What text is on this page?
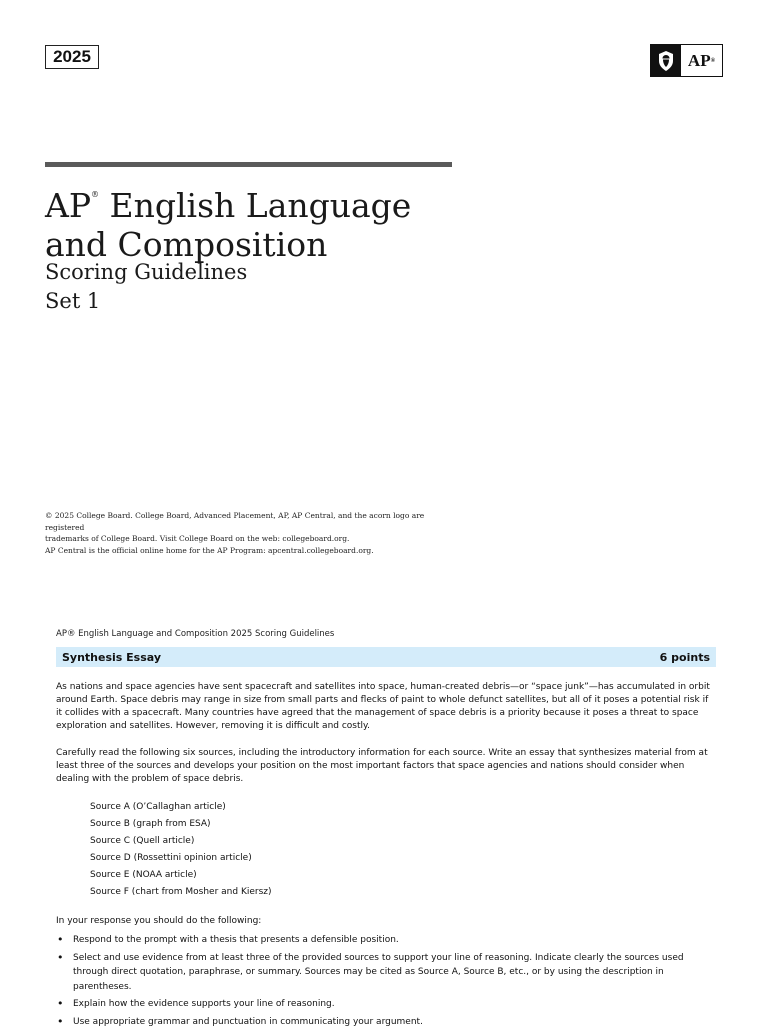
2025	AP ®
AP® English Language
and Composition
Scoring Guidelines
Set 1
© 2025 College Board. College Board, Advanced Placement, AP, AP Central, and the acorn logo are registered
trademarks of College Board. Visit College Board on the web: collegeboard.org.
AP Central is the official online home for the AP Program: apcentral.collegeboard.org.
AP® English Language and Composition 2025 Scoring Guidelines
Synthesis Essay	6 points
As nations and space agencies have sent spacecraft and satellites into space, human-created debris—or “space junk”—has accumulated in orbit around Earth. Space debris may range in size from small parts and flecks of paint to whole defunct satellites, but all of it poses a potential risk if it collides with a spacecraft. Many countries have agreed that the management of space debris is a priority because it poses a threat to space exploration and satellites. However, removing it is difficult and costly.
Carefully read the following six sources, including the introductory information for each source. Write an essay that synthesizes material from at least three of the sources and develops your position on the most important factors that space agencies and nations should consider when dealing with the problem of space debris.
Source A (O’Callaghan article)
Source B (graph from ESA)
Source C (Quell article)
Source D (Rossettini opinion article)
Source E (NOAA article)
Source F (chart from Mosher and Kiersz)
In your response you should do the following:
• Respond to the prompt with a thesis that presents a defensible position.
• Select and use evidence from at least three of the provided sources to support your line of reasoning. Indicate clearly the sources used through direct quotation, paraphrase, or summary. Sources may be cited as Source A, Source B, etc., or by using the description in parentheses.
• Explain how the evidence supports your line of reasoning.
• Use appropriate grammar and punctuation in communicating your argument.
